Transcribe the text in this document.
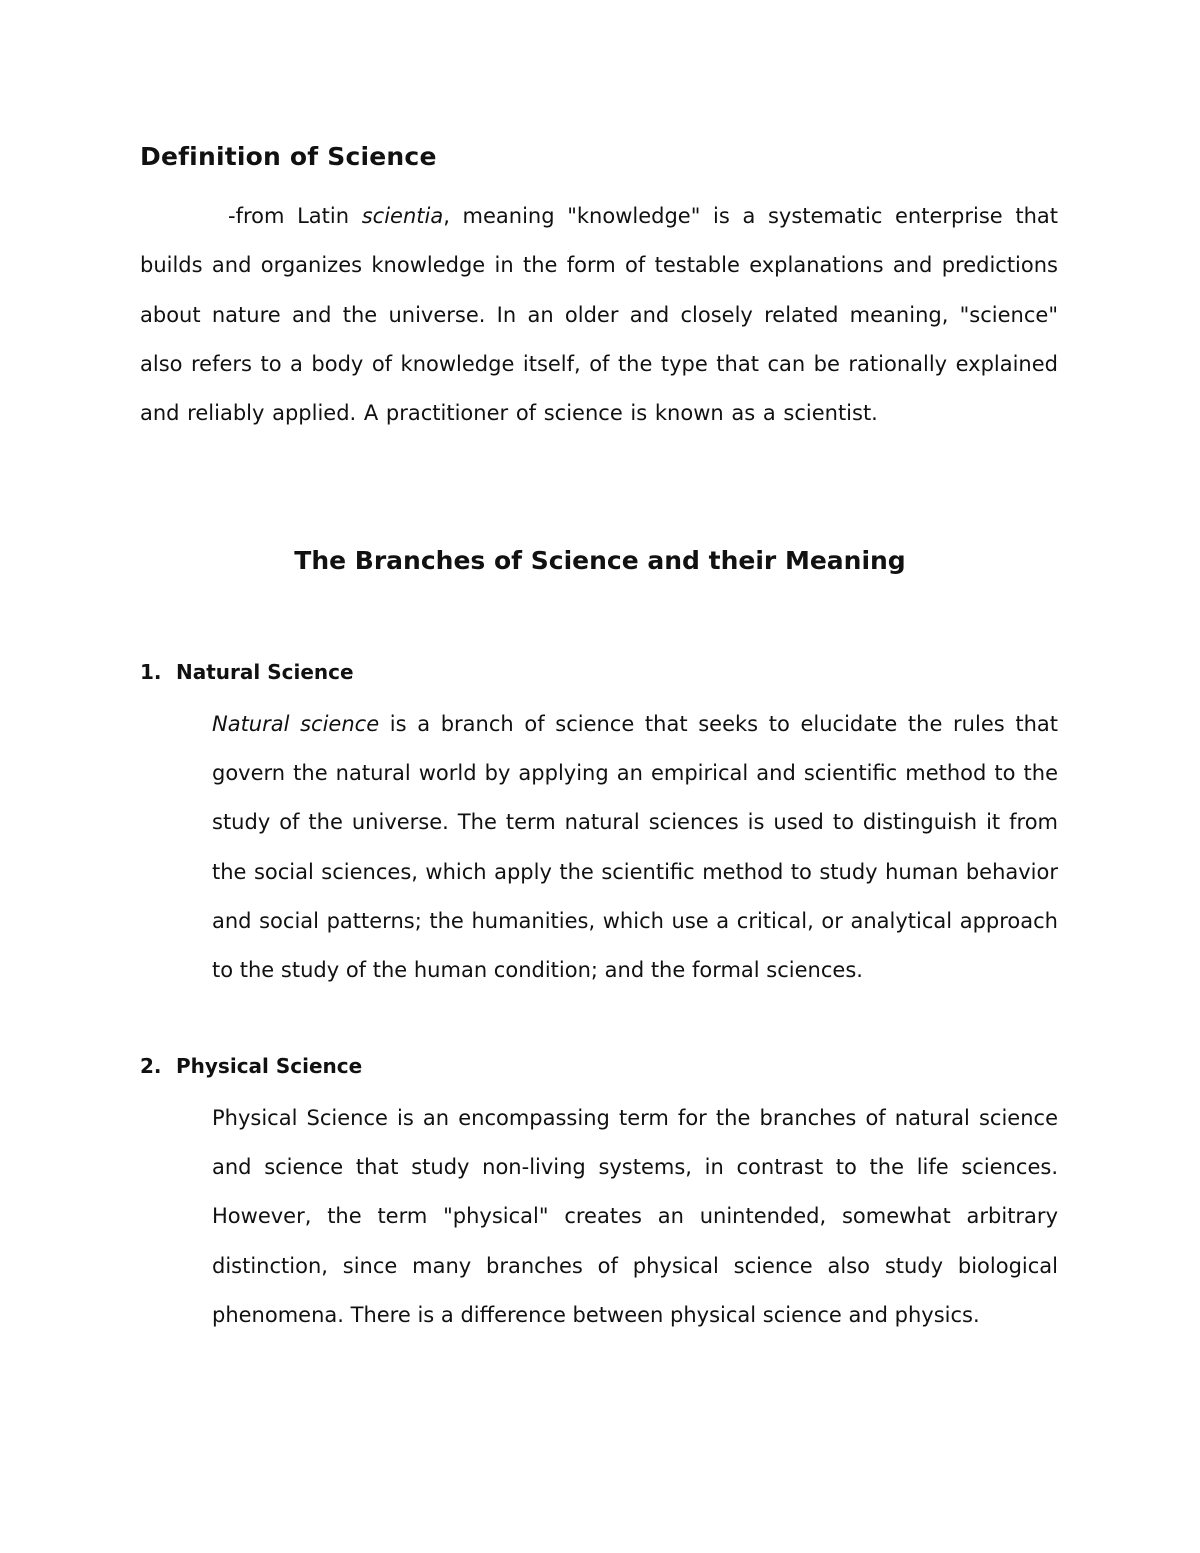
Definition of Science

-from Latin scientia, meaning "knowledge" is a systematic enterprise that builds and organizes knowledge in the form of testable explanations and predictions about nature and the universe. In an older and closely related meaning, "science" also refers to a body of knowledge itself, of the type that can be rationally explained and reliably applied. A practitioner of science is known as a scientist.

The Branches of Science and their Meaning
1. Natural Science

Natural science is a branch of science that seeks to elucidate the rules that govern the natural world by applying an empirical and scientific method to the study of the universe. The term natural sciences is used to distinguish it from the social sciences, which apply the scientific method to study human behavior and social patterns; the humanities, which use a critical, or analytical approach to the study of the human condition; and the formal sciences.

2. Physical Science

Physical Science is an encompassing term for the branches of natural science and science that study non-living systems, in contrast to the life sciences. However, the term "physical" creates an unintended, somewhat arbitrary distinction, since many branches of physical science also study biological phenomena. There is a difference between physical science and physics.
